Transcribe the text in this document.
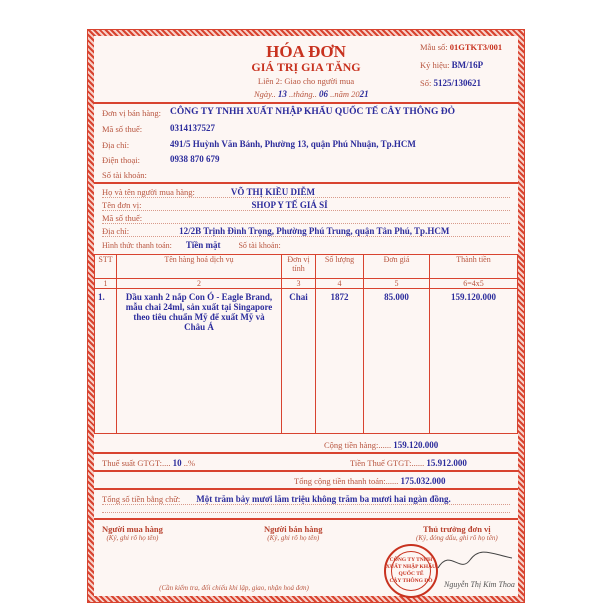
HÓA ĐƠN
GIÁ TRỊ GIA TĂNG
Liên 2: Giao cho người mua
Ngày.. 13 ..tháng.. 06 ..năm 2021
Mẫu số: 01GTKT3/001
Ký hiệu: BM/16P
Số: 5125/130621
Đơn vị bán hàng: CÔNG TY TNHH XUẤT NHẬP KHẨU QUỐC TẾ CÂY THÔNG ĐỎ
Mã số thuế:	0314137527
Địa chỉ:	491/5 Huỳnh Văn Bánh, Phường 13, quận Phú Nhuận, Tp.HCM
Điện thoại:	0938 870 679
Số tài khoản:
Họ và tên người mua hàng:	VÕ THỊ KIỀU DIỄM
Tên đơn vị:	SHOP Y TẾ GIÁ SỈ
Mã số thuế:
Địa chỉ:	12/2B Trịnh Đình Trọng, Phường Phú Trung, quận Tân Phú, Tp.HCM
Hình thức thanh toán: Tiền mặt Số tài khoản:
STT	Tên hàng hoá dịch vụ	Đơn vị tính	Số lượng	Đơn giá	Thành tiền
1	2	3	4	5	6=4x5
1.	Dầu xanh 2 nắp Con Ó - Eagle Brand, mẫu chai 24ml, sản xuất tại Singapore theo tiêu chuẩn Mỹ để xuất Mỹ và Châu Á	Chai	1872	85.000	159.120.000
Cộng tiền hàng:...... 159.120.000
Thuế suất GTGT:.... 10 ..%	Tiền Thuế GTGT:...... 15.912.000
Tổng cộng tiền thanh toán:...... 175.032.000
Tổng số tiền bằng chữ: Một trăm bảy mươi lăm triệu không trăm ba mươi hai ngàn đồng.
Người mua hàng
(Ký, ghi rõ họ tên)
Người bán hàng
(Ký, ghi rõ họ tên)
Thủ trưởng đơn vị
(Ký, đóng dấu, ghi rõ họ tên)
CÔNG TY TNHH
XUẤT NHẬP KHẨU
QUỐC TẾ
CÂY THÔNG ĐỎ	Nguyễn Thị Kim Thoa
(Cần kiểm tra, đối chiếu khi lập, giao, nhận hoá đơn)
